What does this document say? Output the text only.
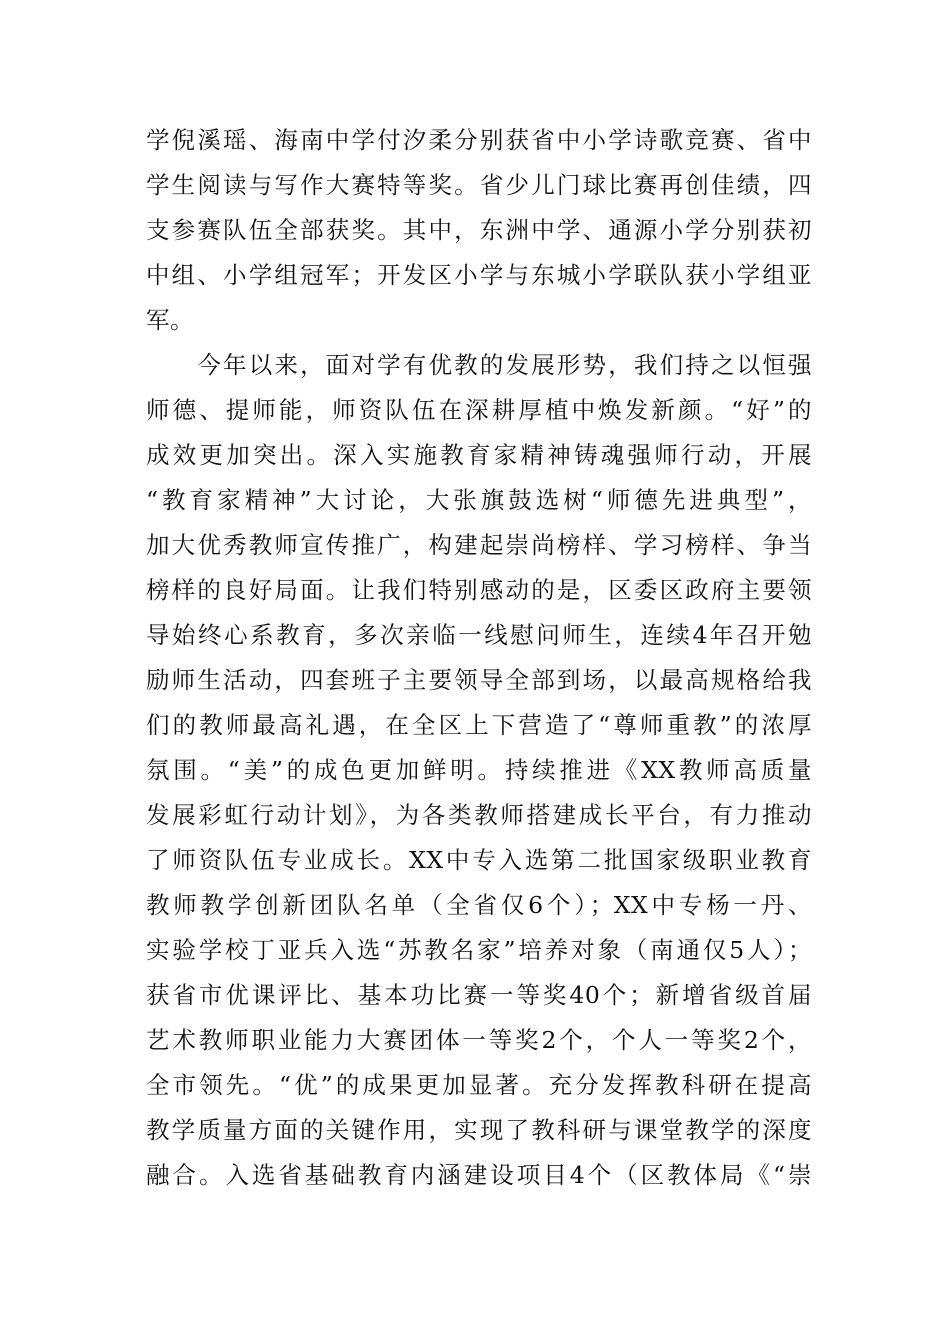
学倪溪瑶、海南中学付汐柔分别获省中小学诗歌竞赛、省中
学生阅读与写作大赛特等奖。省少儿门球比赛再创佳绩，四
支参赛队伍全部获奖。其中，东洲中学、通源小学分别获初
中组、小学组冠军；开发区小学与东城小学联队获小学组亚
军。
　　今年以来，面对学有优教的发展形势，我们持之以恒强
师德、提师能，师资队伍在深耕厚植中焕发新颜。“好”的
成效更加突出。深入实施教育家精神铸魂强师行动，开展
“教育家精神”大讨论，大张旗鼓选树“师德先进典型”，
加大优秀教师宣传推广，构建起崇尚榜样、学习榜样、争当
榜样的良好局面。让我们特别感动的是，区委区政府主要领
导始终心系教育，多次亲临一线慰问师生，连续4年召开勉
励师生活动，四套班子主要领导全部到场，以最高规格给我
们的教师最高礼遇，在全区上下营造了“尊师重教”的浓厚
氛围。“美”的成色更加鲜明。持续推进《XX教师高质量
发展彩虹行动计划》，为各类教师搭建成长平台，有力推动
了师资队伍专业成长。XX中专入选第二批国家级职业教育
教师教学创新团队名单（全省仅6个）；XX中专杨一丹、
实验学校丁亚兵入选“苏教名家”培养对象（南通仅5人）；
获省市优课评比、基本功比赛一等奖40个；新增省级首届
艺术教师职业能力大赛团体一等奖2个，个人一等奖2个，
全市领先。“优”的成果更加显著。充分发挥教科研在提高
教学质量方面的关键作用，实现了教科研与课堂教学的深度
融合。入选省基础教育内涵建设项目4个（区教体局《“崇
